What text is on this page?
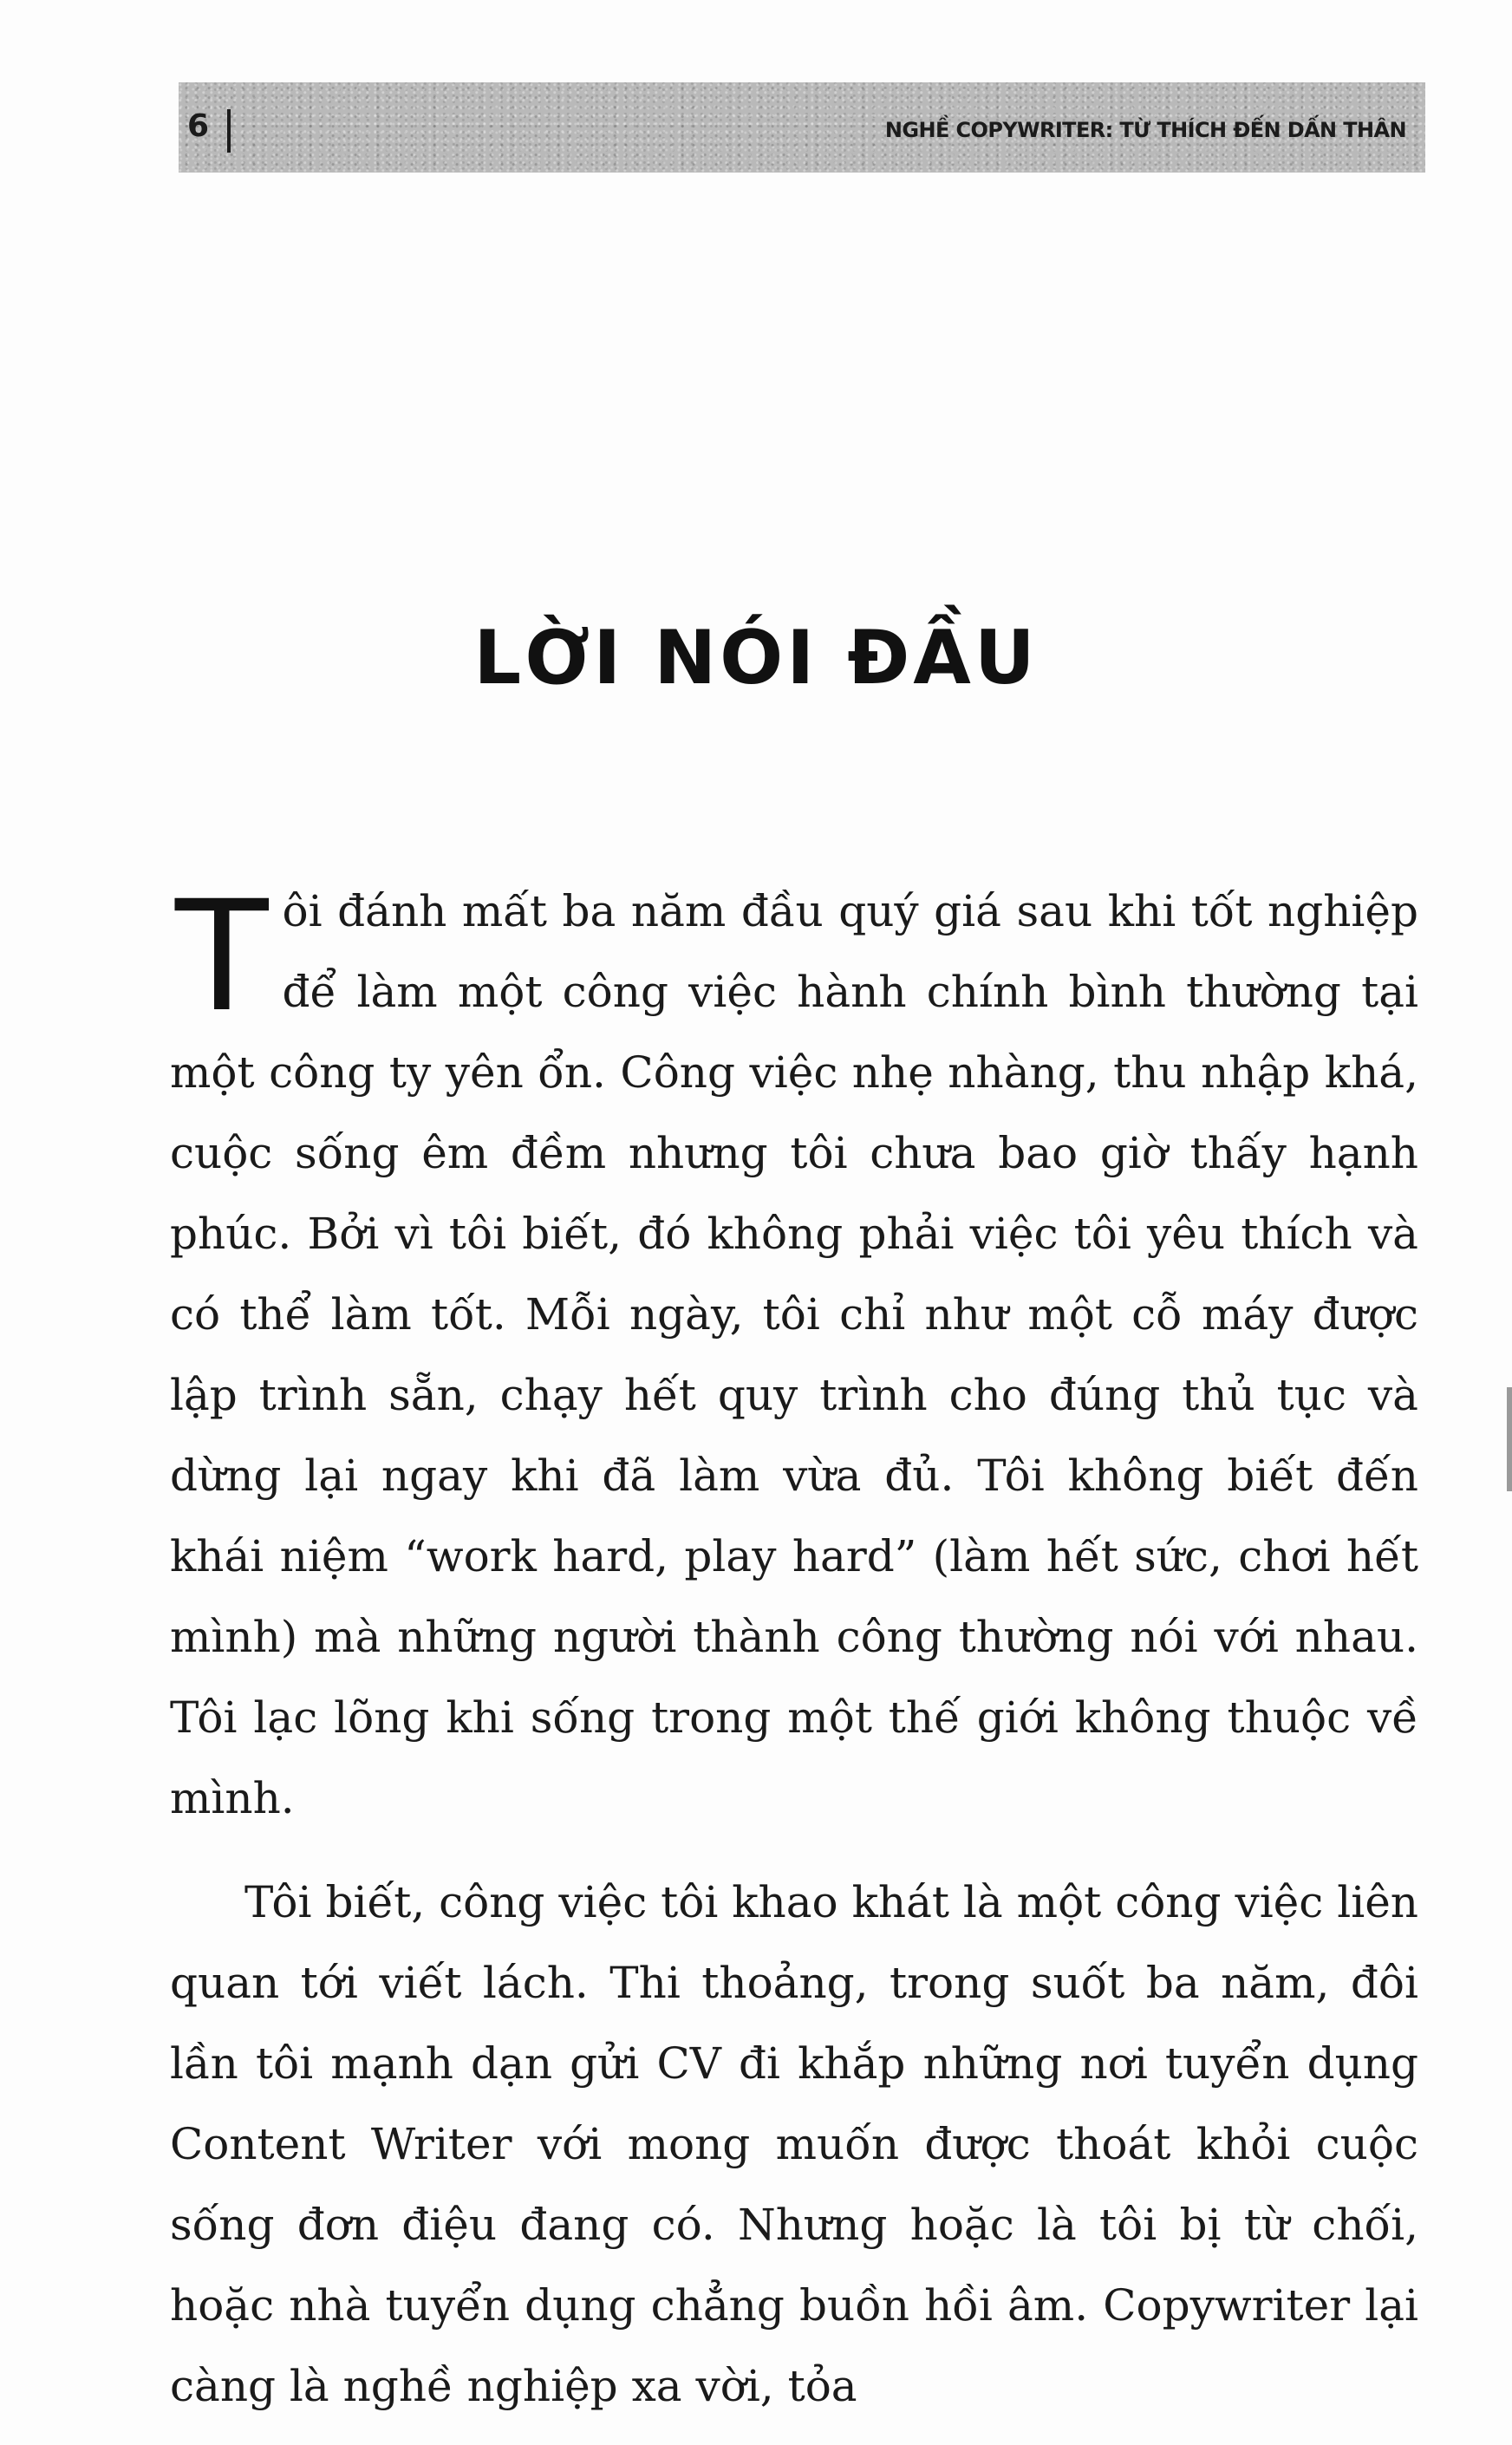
6	NGHỀ COPYWRITER: TỪ THÍCH ĐẾN DẤN THÂN
LỜI NÓI ĐẦU

T ôi đánh mất ba năm đầu quý giá sau khi tốt nghiệp để làm một công việc hành chính bình thường tại một công ty yên ổn. Công việc nhẹ nhàng, thu nhập khá, cuộc sống êm đềm nhưng tôi chưa bao giờ thấy hạnh phúc. Bởi vì tôi biết, đó không phải việc tôi yêu thích và có thể làm tốt. Mỗi ngày, tôi chỉ như một cỗ máy được lập trình sẵn, chạy hết quy trình cho đúng thủ tục và dừng lại ngay khi đã làm vừa đủ. Tôi không biết đến khái niệm “work hard, play hard” (làm hết sức, chơi hết mình) mà những người thành công thường nói với nhau. Tôi lạc lõng khi sống trong một thế giới không thuộc về mình.

Tôi biết, công việc tôi khao khát là một công việc liên quan tới viết lách. Thi thoảng, trong suốt ba năm, đôi lần tôi mạnh dạn gửi CV đi khắp những nơi tuyển dụng Content Writer với mong muốn được thoát khỏi cuộc sống đơn điệu đang có. Nhưng hoặc là tôi bị từ chối, hoặc nhà tuyển dụng chẳng buồn hồi âm. Copywriter lại càng là nghề nghiệp xa vời, tỏa
